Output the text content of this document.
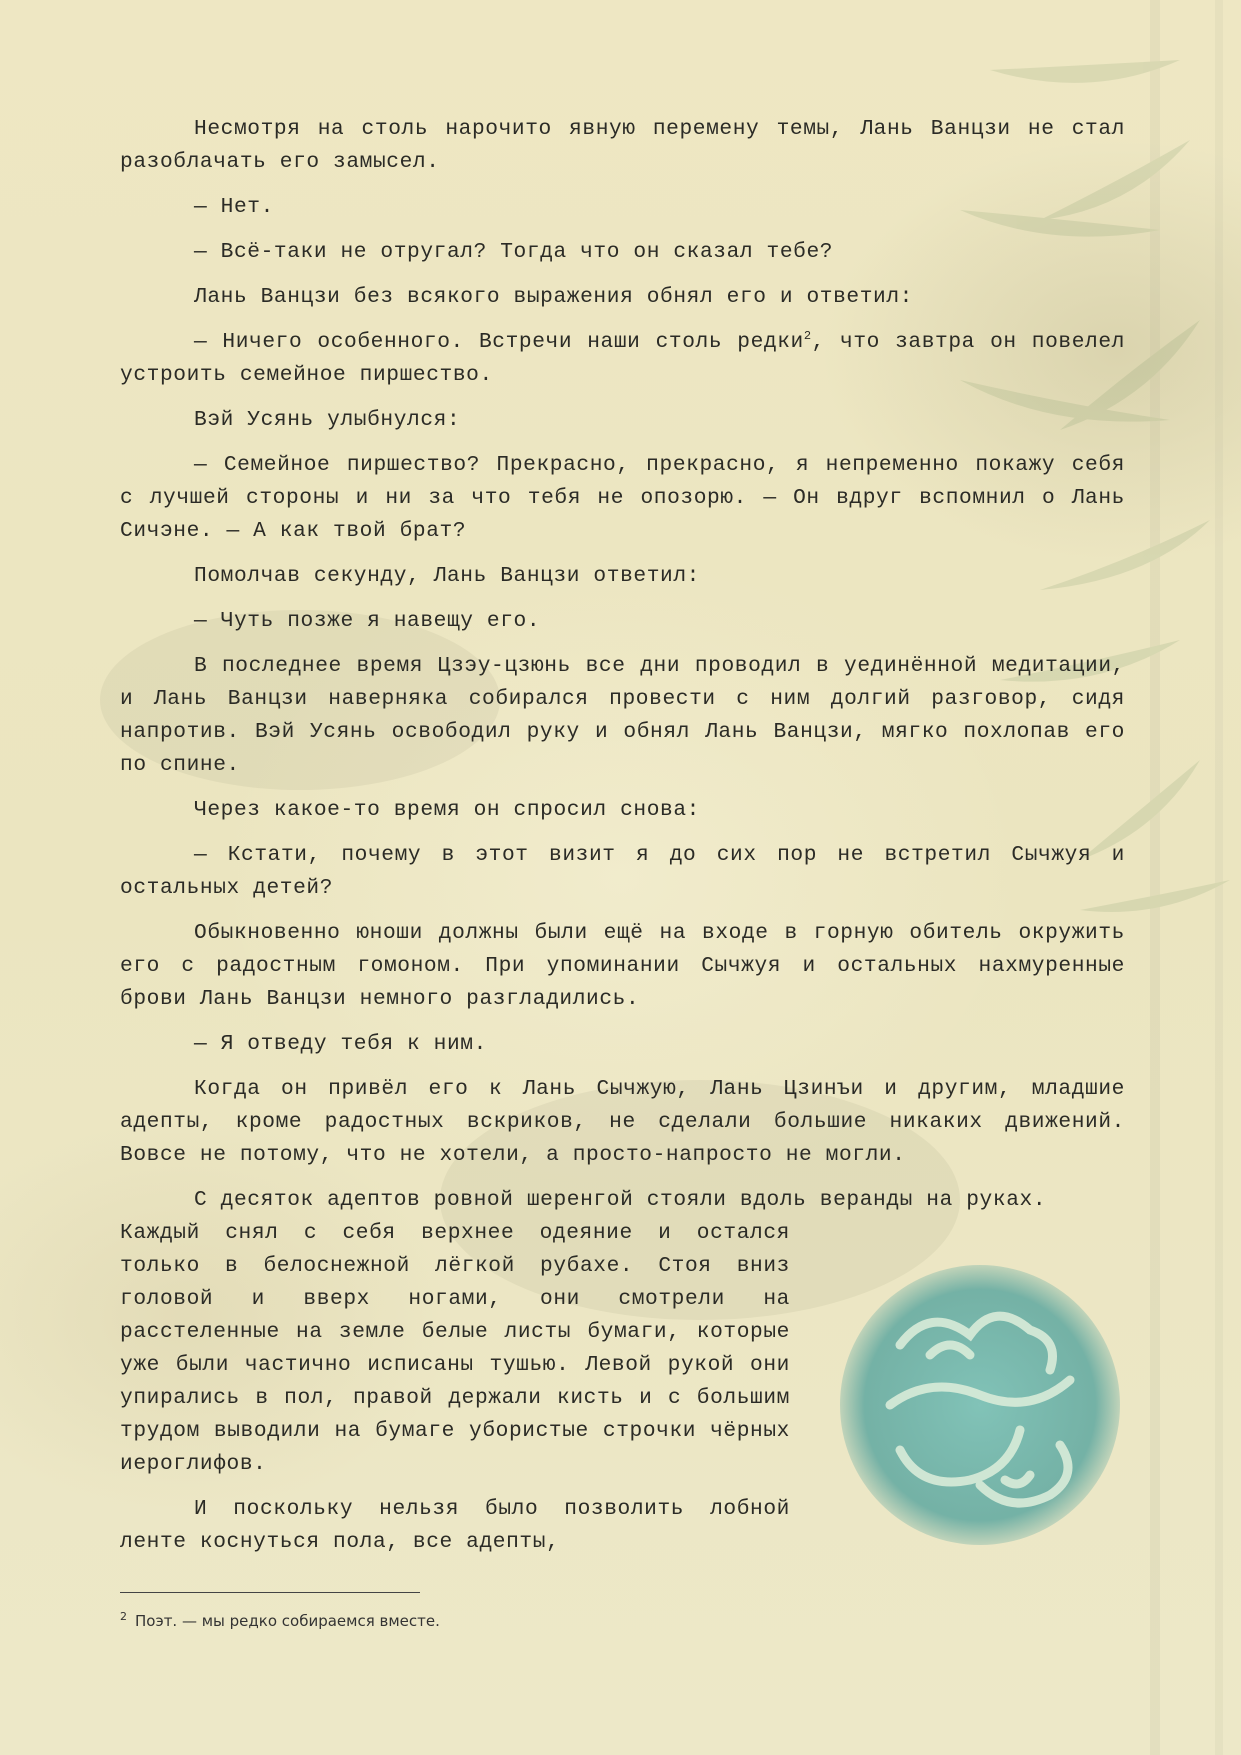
Несмотря на столь нарочито явную перемену темы, Лань Ванцзи не стал разоблачать его замысел.

— Нет.

— Всё-таки не отругал? Тогда что он сказал тебе?

Лань Ванцзи без всякого выражения обнял его и ответил:

— Ничего особенного. Встречи наши столь редки$^2$, что завтра он повелел устроить семейное пиршество.

Вэй Усянь улыбнулся:

— Семейное пиршество? Прекрасно, прекрасно, я непременно покажу себя с лучшей стороны и ни за что тебя не опозорю. — Он вдруг вспомнил о Лань Сичэне. — А как твой брат?

Помолчав секунду, Лань Ванцзи ответил:

— Чуть позже я навещу его.

В последнее время Цзэу-цзюнь все дни проводил в уединённой медитации, и Лань Ванцзи наверняка собирался провести с ним долгий разговор, сидя напротив. Вэй Усянь освободил руку и обнял Лань Ванцзи, мягко похлопав его по спине.

Через какое-то время он спросил снова:

— Кстати, почему в этот визит я до сих пор не встретил Сычжуя и остальных детей?

Обыкновенно юноши должны были ещё на входе в горную обитель окружить его с радостным гомоном. При упоминании Сычжуя и остальных нахмуренные брови Лань Ванцзи немного разгладились.

— Я отведу тебя к ним.

Когда он привёл его к Лань Сычжую, Лань Цзинъи и другим, младшие адепты, кроме радостных вскриков, не сделали большие никаких движений. Вовсе не потому, что не хотели, а просто-напросто не могли.

С десяток адептов ровной шеренгой стояли вдоль веранды на руках.

Каждый снял с себя верхнее одеяние и остался только в белоснежной лёгкой рубахе. Стоя вниз головой и вверх ногами, они смотрели на расстеленные на земле белые листы бумаги, которые уже были частично исписаны тушью. Левой рукой они упирались в пол, правой держали кисть и с большим трудом выводили на бумаге убористые строчки чёрных иероглифов.

И поскольку нельзя было позволить лобной ленте коснуться пола, все адепты,

$^2$ Поэт. — мы редко собираемся вместе.
